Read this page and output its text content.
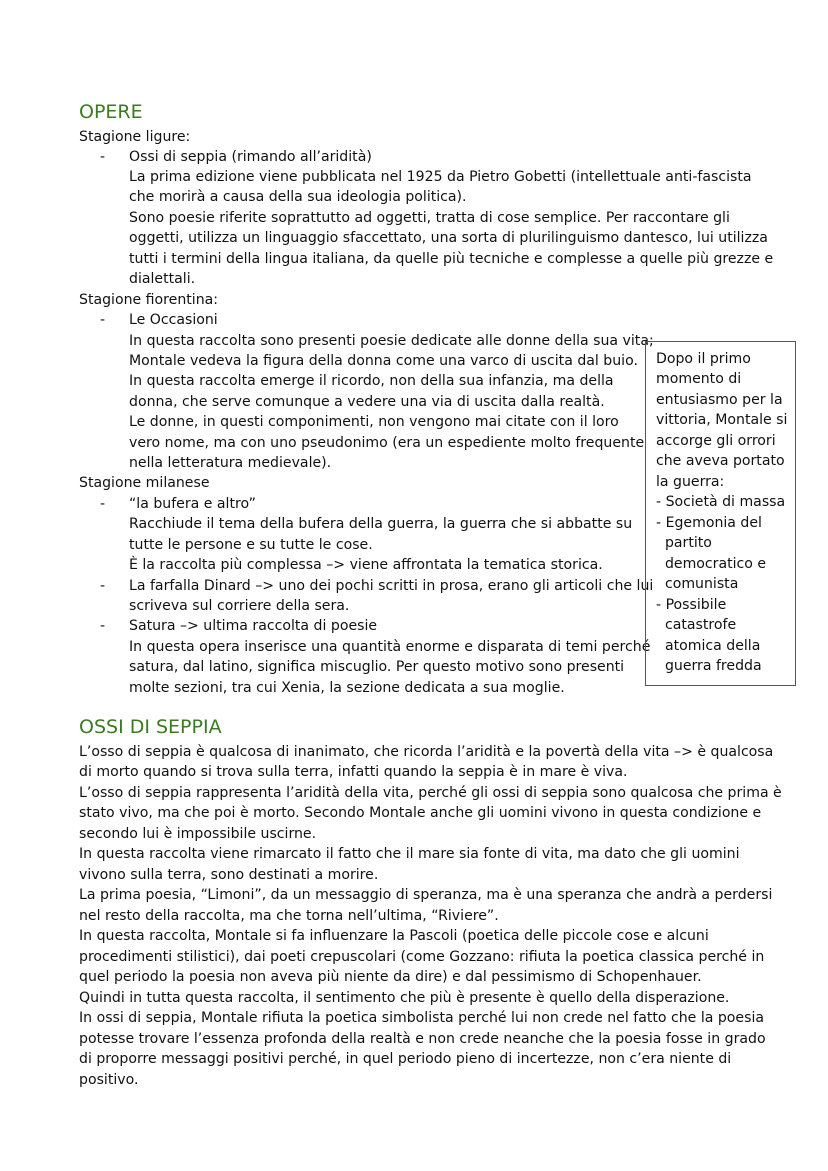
OPERE
Stagione ligure:
- Ossi di seppia (rimando all’aridità)
La prima edizione viene pubblicata nel 1925 da Pietro Gobetti (intellettuale anti-fascista
che morirà a causa della sua ideologia politica).
Sono poesie riferite soprattutto ad oggetti, tratta di cose semplice. Per raccontare gli
oggetti, utilizza un linguaggio sfaccettato, una sorta di plurilinguismo dantesco, lui utilizza
tutti i termini della lingua italiana, da quelle più tecniche e complesse a quelle più grezze e
dialettali.
Stagione fiorentina:
- Le Occasioni
In questa raccolta sono presenti poesie dedicate alle donne della sua vita;
Montale vedeva la figura della donna come una varco di uscita dal buio.
In questa raccolta emerge il ricordo, non della sua infanzia, ma della
donna, che serve comunque a vedere una via di uscita dalla realtà.
Le donne, in questi componimenti, non vengono mai citate con il loro
vero nome, ma con uno pseudonimo (era un espediente molto frequente
nella letteratura medievale).
Stagione milanese
- “la bufera e altro”
Racchiude il tema della bufera della guerra, la guerra che si abbatte su
tutte le persone e su tutte le cose.
È la raccolta più complessa –> viene affrontata la tematica storica.
- La farfalla Dinard –> uno dei pochi scritti in prosa, erano gli articoli che lui
scriveva sul corriere della sera.
- Satura –> ultima raccolta di poesie
In questa opera inserisce una quantità enorme e disparata di temi perché
satura, dal latino, significa miscuglio. Per questo motivo sono presenti
molte sezioni, tra cui Xenia, la sezione dedicata a sua moglie.
Dopo il primo
momento di
entusiasmo per la
vittoria, Montale si
accorge gli orrori
che aveva portato
la guerra:
- Società di massa
- Egemonia del
partito
democratico e
comunista
- Possibile
catastrofe
atomica della
guerra fredda
OSSI DI SEPPIA
L’osso di seppia è qualcosa di inanimato, che ricorda l’aridità e la povertà della vita –> è qualcosa
di morto quando si trova sulla terra, infatti quando la seppia è in mare è viva.
L’osso di seppia rappresenta l’aridità della vita, perché gli ossi di seppia sono qualcosa che prima è
stato vivo, ma che poi è morto. Secondo Montale anche gli uomini vivono in questa condizione e
secondo lui è impossibile uscirne.
In questa raccolta viene rimarcato il fatto che il mare sia fonte di vita, ma dato che gli uomini
vivono sulla terra, sono destinati a morire.
La prima poesia, “Limoni”, da un messaggio di speranza, ma è una speranza che andrà a perdersi
nel resto della raccolta, ma che torna nell’ultima, “Riviere”.
In questa raccolta, Montale si fa influenzare la Pascoli (poetica delle piccole cose e alcuni
procedimenti stilistici), dai poeti crepuscolari (come Gozzano: rifiuta la poetica classica perché in
quel periodo la poesia non aveva più niente da dire) e dal pessimismo di Schopenhauer.
Quindi in tutta questa raccolta, il sentimento che più è presente è quello della disperazione.
In ossi di seppia, Montale rifiuta la poetica simbolista perché lui non crede nel fatto che la poesia
potesse trovare l’essenza profonda della realtà e non crede neanche che la poesia fosse in grado
di proporre messaggi positivi perché, in quel periodo pieno di incertezze, non c’era niente di
positivo.
